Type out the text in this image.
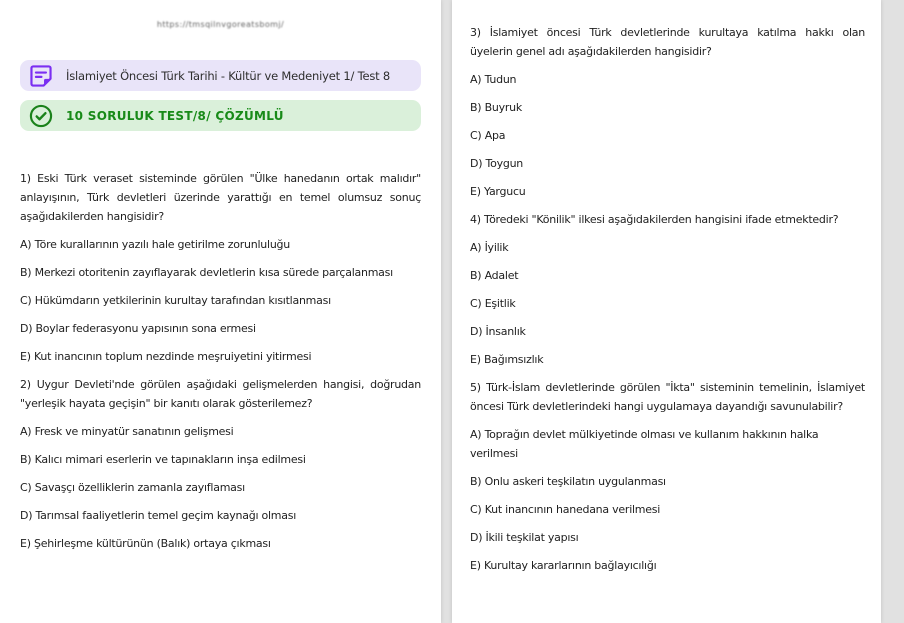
https://tmsqilnvgoreatsbomj/
İslamiyet Öncesi Türk Tarihi - Kültür ve Medeniyet 1/ Test 8
10 SORULUK TEST/8/ ÇÖZÜMLÜ

1) Eski Türk veraset sisteminde görülen "Ülke hanedanın ortak malıdır" anlayışının, Türk devletleri üzerinde yarattığı en temel olumsuz sonuç aşağıdakilerden hangisidir?

A) Töre kurallarının yazılı hale getirilme zorunluluğu

B) Merkezi otoritenin zayıflayarak devletlerin kısa sürede parçalanması

C) Hükümdarın yetkilerinin kurultay tarafından kısıtlanması

D) Boylar federasyonu yapısının sona ermesi

E) Kut inancının toplum nezdinde meşruiyetini yitirmesi

2) Uygur Devleti'nde görülen aşağıdaki gelişmelerden hangisi, doğrudan "yerleşik hayata geçişin" bir kanıtı olarak gösterilemez?

A) Fresk ve minyatür sanatının gelişmesi

B) Kalıcı mimari eserlerin ve tapınakların inşa edilmesi

C) Savaşçı özelliklerin zamanla zayıflaması

D) Tarımsal faaliyetlerin temel geçim kaynağı olması

E) Şehirleşme kültürünün (Balık) ortaya çıkması

3) İslamiyet öncesi Türk devletlerinde kurultaya katılma hakkı olan üyelerin genel adı aşağıdakilerden hangisidir?

A) Tudun

B) Buyruk

C) Apa

D) Toygun

E) Yargucu

4) Töredeki "Könilik" ilkesi aşağıdakilerden hangisini ifade etmektedir?

A) İyilik

B) Adalet

C) Eşitlik

D) İnsanlık

E) Bağımsızlık

5) Türk-İslam devletlerinde görülen "İkta" sisteminin temelinin, İslamiyet öncesi Türk devletlerindeki hangi uygulamaya dayandığı savunulabilir?

A) Toprağın devlet mülkiyetinde olması ve kullanım hakkının halka verilmesi

B) Onlu askeri teşkilatın uygulanması

C) Kut inancının hanedana verilmesi

D) İkili teşkilat yapısı

E) Kurultay kararlarının bağlayıcılığı
